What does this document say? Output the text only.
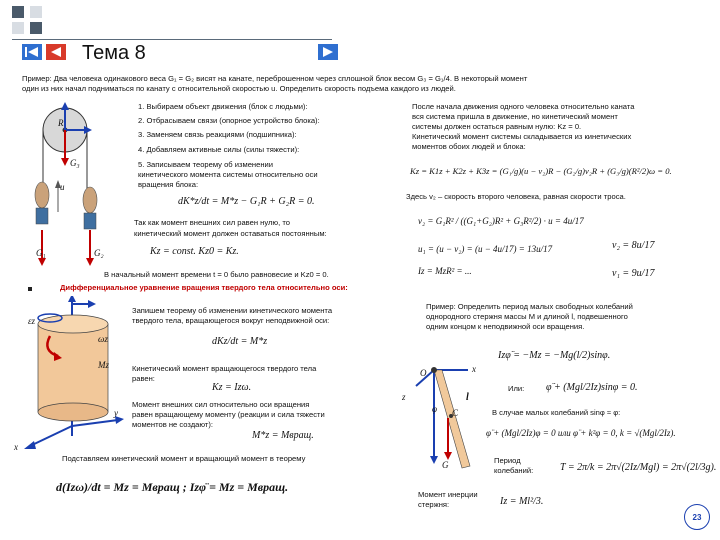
Тема 8
Пример: Два человека одинакового веса G₁ = G₂ висят на канате, переброшенном через сплошной блок весом G₃ = G₁/4. В некоторый момент
один из них начал подниматься по канату с относительной скоростью u. Определить скорость подъема каждого из людей.
R
G₃
u
G₁	G₂
1. Выбираем объект движения (блок с людьми):
2. Отбрасываем связи (опорное устройство блока):
3. Заменяем связь реакциями (подшипника):
4. Добавляем активные силы (силы тяжести):
5. Записываем теорему об изменении
кинетического момента системы относительно оси
вращения блока:
dK*z/dt = M*z − G₁R + G₂R = 0.
После начала движения одного человека относительно каната
вся система пришла в движение, но кинетический момент
системы должен остаться равным нулю: Kz = 0.
Кинетический момент системы складывается из кинетических
моментов обоих людей и блока:
Kz = K1z + K2z + K3z = (G₁/g)(u − v₂)R − (G₂/g)v₂R + (G₃/g)(R²/2)ω = 0.
Здесь v₂ – скорость второго человека, равная скорости троса.
v₂ = G₁R² / ((G₁+G₂)R² + G₃R²/2) · u = 4u/17
u₁ = (u − v₂) = (u − 4u/17) = 13u/17	v₂ = 8u/17
v₁ = 9u/17
Iz = MzR² = ...
Так как момент внешних сил равен нулю, то
кинетический момент должен оставаться постоянным:
Kz = const. Kz0 = Kz.
В начальный момент времени t = 0 было равновесие и Kz0 = 0.
Дифференциальное уравнение вращения твердого тела относительно оси:
εz
ωz
Mz
y
x
Запишем теорему об изменении кинетического момента
твердого тела, вращающегося вокруг неподвижной оси:
dKz/dt = M*z
Кинетический момент вращающегося твердого тела
равен:
Kz = Izω.
Момент внешних сил относительно оси вращения
равен вращающему моменту (реакции и сила тяжести
моментов не создают):
M*z = Mвращ.
Подставляем кинетический момент и вращающий момент в теорему
d(Izω)/dt = Mz = Mвращ ; Izφ̈ = Mz = Mвращ.
Пример: Определить период малых свободных колебаний
однородного стержня массы M и длиной l, подвешенного
одним концом к неподвижной оси вращения.
Izφ̈ = −Mz = −Mg(l/2)sinφ.
O
z
x
φ C
l
G
Или: φ̈ + (Mgl/2Iz)sinφ = 0.
В случае малых колебаний sinφ ≈ φ:
φ̈ + (Mgl/2Iz)φ = 0 или φ̈ + k²φ = 0, k = √(Mgl/2Iz).
Период
колебаний:	T = 2π/k = 2π√(2Iz/Mgl) = 2π√(2l/3g).
Момент инерции
стержня:	Iz = Ml²/3.
23
